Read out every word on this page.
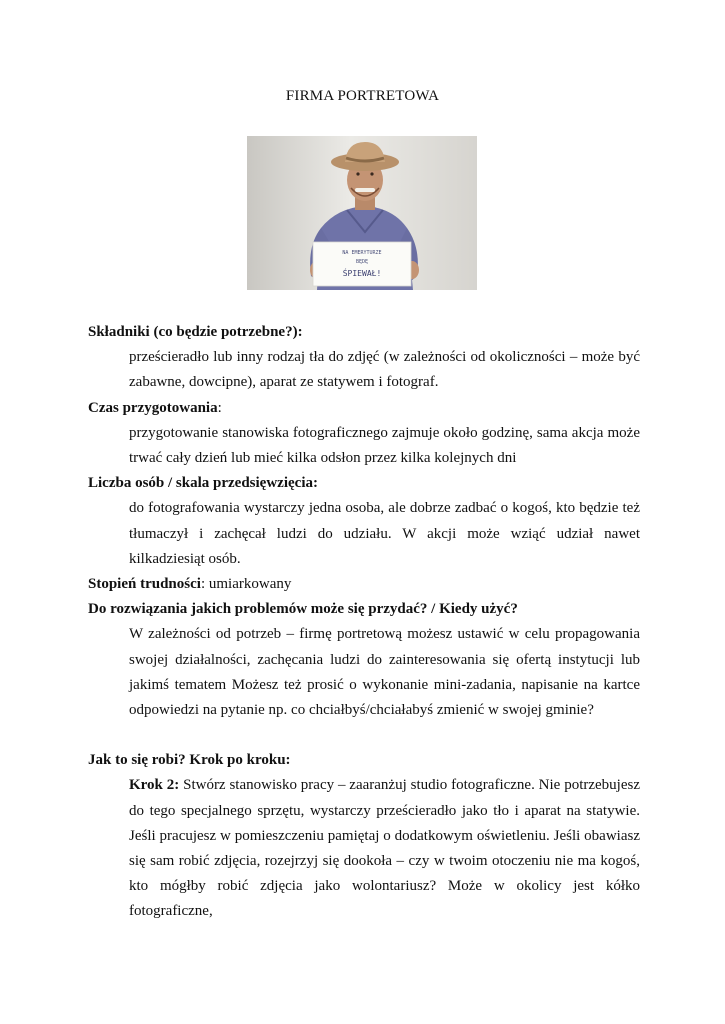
FIRMA PORTRETOWA
NA EMERYTURZE
BĘDĘ
ŚPIEWAŁ!
Składniki (co będzie potrzebne?):
prześcieradło lub inny rodzaj tła do zdjęć (w zależności od okoliczności – może być zabawne, dowcipne), aparat ze statywem i fotograf.
Czas przygotowania:
przygotowanie stanowiska fotograficznego zajmuje około godzinę, sama akcja może trwać cały dzień lub mieć kilka odsłon przez kilka kolejnych dni
Liczba osób / skala przedsięwzięcia:
do fotografowania wystarczy jedna osoba, ale dobrze zadbać o kogoś, kto będzie też tłumaczył i zachęcał ludzi do udziału. W akcji może wziąć udział nawet kilkadziesiąt osób.
Stopień trudności: umiarkowany
Do rozwiązania jakich problemów może się przydać? / Kiedy użyć?
W zależności od potrzeb – firmę portretową możesz ustawić w celu propagowania swojej działalności, zachęcania ludzi do zainteresowania się ofertą instytucji lub jakimś tematem Możesz też prosić o wykonanie mini-zadania, napisanie na kartce odpowiedzi na pytanie np. co chciałbyś/chciałabyś zmienić w swojej gminie?
Jak to się robi? Krok po kroku:
Krok 2: Stwórz stanowisko pracy – zaaranżuj studio fotograficzne. Nie potrzebujesz do tego specjalnego sprzętu, wystarczy prześcieradło jako tło i aparat na statywie. Jeśli pracujesz w pomieszczeniu pamiętaj o dodatkowym oświetleniu. Jeśli obawiasz się sam robić zdjęcia, rozejrzyj się dookoła – czy w twoim otoczeniu nie ma kogoś, kto mógłby robić zdjęcia jako wolontariusz? Może w okolicy jest kółko fotograficzne,
